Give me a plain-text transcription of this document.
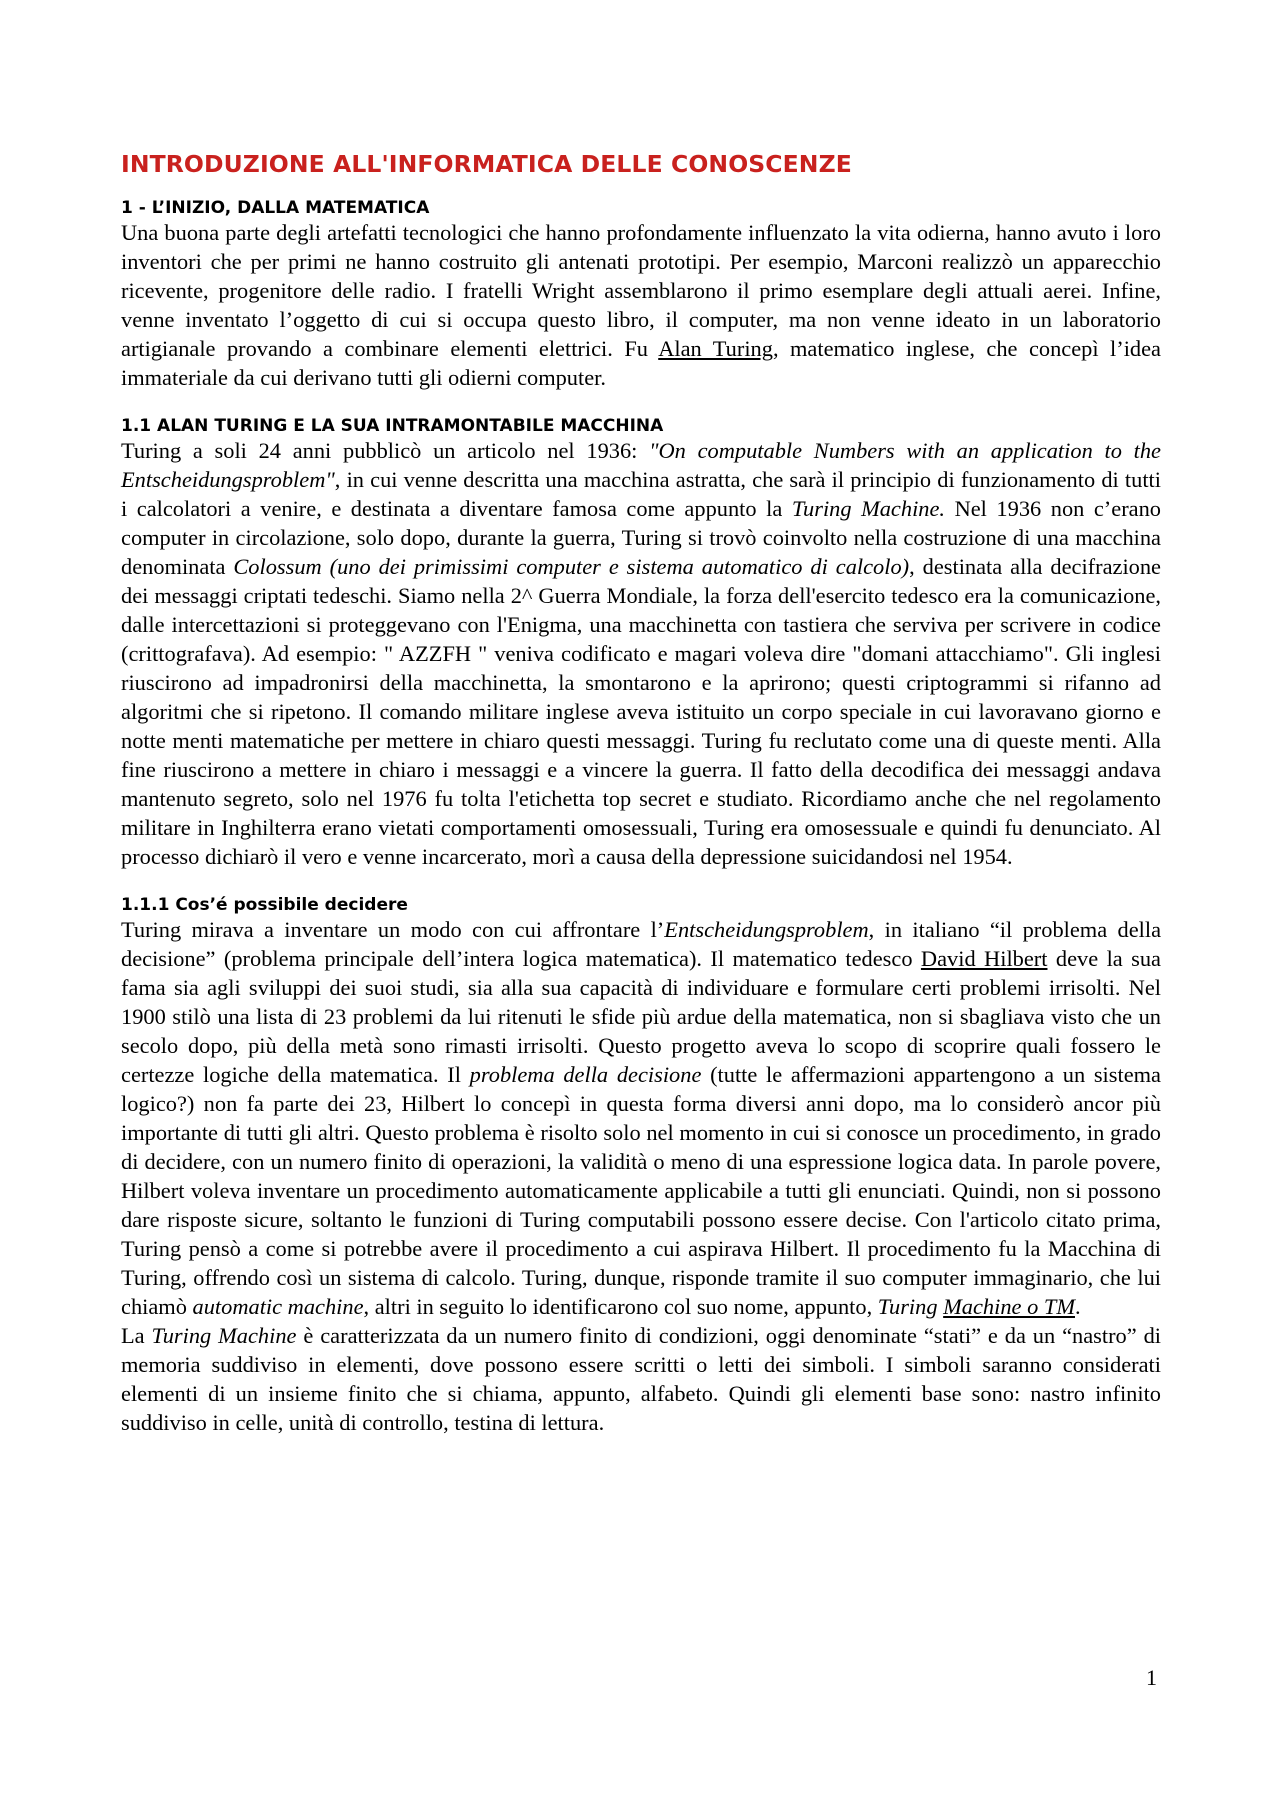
INTRODUZIONE ALL'INFORMATICA DELLE CONOSCENZE
1 - L’INIZIO, DALLA MATEMATICA

Una buona parte degli artefatti tecnologici che hanno profondamente influenzato la vita odierna, hanno avuto i loro inventori che per primi ne hanno costruito gli antenati prototipi. Per esempio, Marconi realizzò un apparecchio ricevente, progenitore delle radio. I fratelli Wright assemblarono il primo esemplare degli attuali aerei. Infine, venne inventato l’oggetto di cui si occupa questo libro, il computer, ma non venne ideato in un laboratorio artigianale provando a combinare elementi elettrici. Fu Alan Turing, matematico inglese, che concepì l’idea immateriale da cui derivano tutti gli odierni computer.

1.1 ALAN TURING E LA SUA INTRAMONTABILE MACCHINA

Turing a soli 24 anni pubblicò un articolo nel 1936: "On computable Numbers with an application to the Entscheidungsproblem", in cui venne descritta una macchina astratta, che sarà il principio di funzionamento di tutti i calcolatori a venire, e destinata a diventare famosa come appunto la Turing Machine. Nel 1936 non c’erano computer in circolazione, solo dopo, durante la guerra, Turing si trovò coinvolto nella costruzione di una macchina denominata Colossum (uno dei primissimi computer e sistema automatico di calcolo), destinata alla decifrazione dei messaggi criptati tedeschi. Siamo nella 2^ Guerra Mondiale, la forza dell'esercito tedesco era la comunicazione, dalle intercettazioni si proteggevano con l'Enigma, una macchinetta con tastiera che serviva per scrivere in codice (crittografava). Ad esempio: " AZZFH " veniva codificato e magari voleva dire "domani attacchiamo". Gli inglesi riuscirono ad impadronirsi della macchinetta, la smontarono e la aprirono; questi criptogrammi si rifanno ad algoritmi che si ripetono. Il comando militare inglese aveva istituito un corpo speciale in cui lavoravano giorno e notte menti matematiche per mettere in chiaro questi messaggi. Turing fu reclutato come una di queste menti. Alla fine riuscirono a mettere in chiaro i messaggi e a vincere la guerra. Il fatto della decodifica dei messaggi andava mantenuto segreto, solo nel 1976 fu tolta l'etichetta top secret e studiato. Ricordiamo anche che nel regolamento militare in Inghilterra erano vietati comportamenti omosessuali, Turing era omosessuale e quindi fu denunciato. Al processo dichiarò il vero e venne incarcerato, morì a causa della depressione suicidandosi nel 1954.

1.1.1 Cos’é possibile decidere

Turing mirava a inventare un modo con cui affrontare l’Entscheidungsproblem, in italiano “il problema della decisione” (problema principale dell’intera logica matematica). Il matematico tedesco David Hilbert deve la sua fama sia agli sviluppi dei suoi studi, sia alla sua capacità di individuare e formulare certi problemi irrisolti. Nel 1900 stilò una lista di 23 problemi da lui ritenuti le sfide più ardue della matematica, non si sbagliava visto che un secolo dopo, più della metà sono rimasti irrisolti. Questo progetto aveva lo scopo di scoprire quali fossero le certezze logiche della matematica. Il problema della decisione (tutte le affermazioni appartengono a un sistema logico?) non fa parte dei 23, Hilbert lo concepì in questa forma diversi anni dopo, ma lo considerò ancor più importante di tutti gli altri. Questo problema è risolto solo nel momento in cui si conosce un procedimento, in grado di decidere, con un numero finito di operazioni, la validità o meno di una espressione logica data. In parole povere, Hilbert voleva inventare un procedimento automaticamente applicabile a tutti gli enunciati. Quindi, non si possono dare risposte sicure, soltanto le funzioni di Turing computabili possono essere decise. Con l'articolo citato prima, Turing pensò a come si potrebbe avere il procedimento a cui aspirava Hilbert. Il procedimento fu la Macchina di Turing, offrendo così un sistema di calcolo. Turing, dunque, risponde tramite il suo computer immaginario, che lui chiamò automatic machine, altri in seguito lo identificarono col suo nome, appunto, Turing Machine o TM.

La Turing Machine è caratterizzata da un numero finito di condizioni, oggi denominate “stati” e da un “nastro” di memoria suddiviso in elementi, dove possono essere scritti o letti dei simboli. I simboli saranno considerati elementi di un insieme finito che si chiama, appunto, alfabeto. Quindi gli elementi base sono: nastro infinito suddiviso in celle, unità di controllo, testina di lettura.

1
